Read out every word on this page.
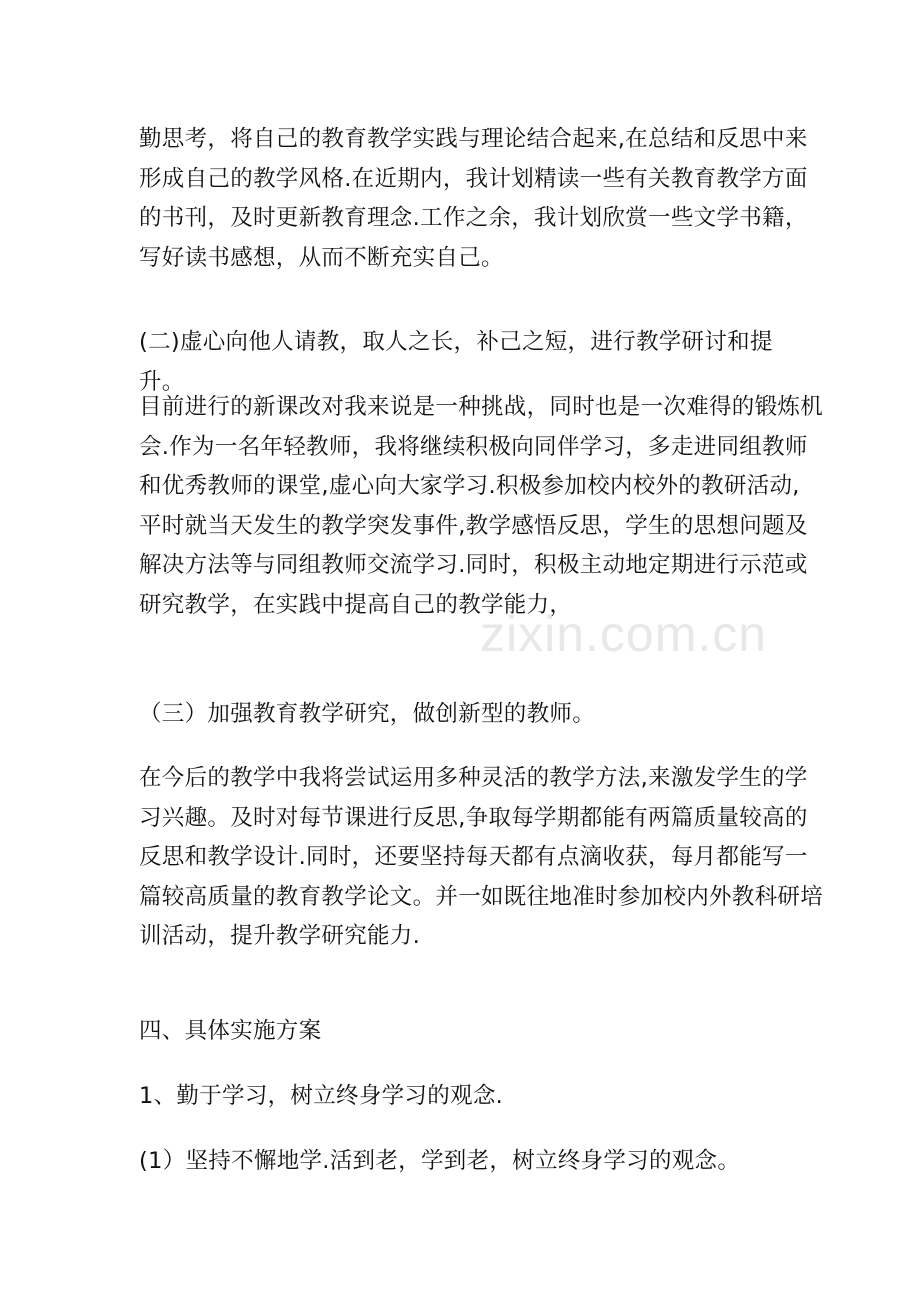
勤思考，将自己的教育教学实践与理论结合起来,在总结和反思中来
形成自己的教学风格.在近期内，我计划精读一些有关教育教学方面
的书刊，及时更新教育理念.工作之余，我计划欣赏一些文学书籍，
写好读书感想，从而不断充实自己。

(二)虚心向他人请教，取人之长，补己之短，进行教学研讨和提升。

目前进行的新课改对我来说是一种挑战，同时也是一次难得的锻炼机
会.作为一名年轻教师，我将继续积极向同伴学习，多走进同组教师
和优秀教师的课堂,虚心向大家学习.积极参加校内校外的教研活动,
平时就当天发生的教学突发事件,教学感悟反思，学生的思想问题及
解决方法等与同组教师交流学习.同时，积极主动地定期进行示范或
研究教学，在实践中提高自己的教学能力，

（三）加强教育教学研究，做创新型的教师。

在今后的教学中我将尝试运用多种灵活的教学方法,来激发学生的学
习兴趣。及时对每节课进行反思,争取每学期都能有两篇质量较高的
反思和教学设计.同时，还要坚持每天都有点滴收获，每月都能写一
篇较高质量的教育教学论文。并一如既往地准时参加校内外教科研培
训活动，提升教学研究能力.

四、具体实施方案

1、勤于学习，树立终身学习的观念.

(1）坚持不懈地学.活到老，学到老，树立终身学习的观念。

zixin.com.cn
